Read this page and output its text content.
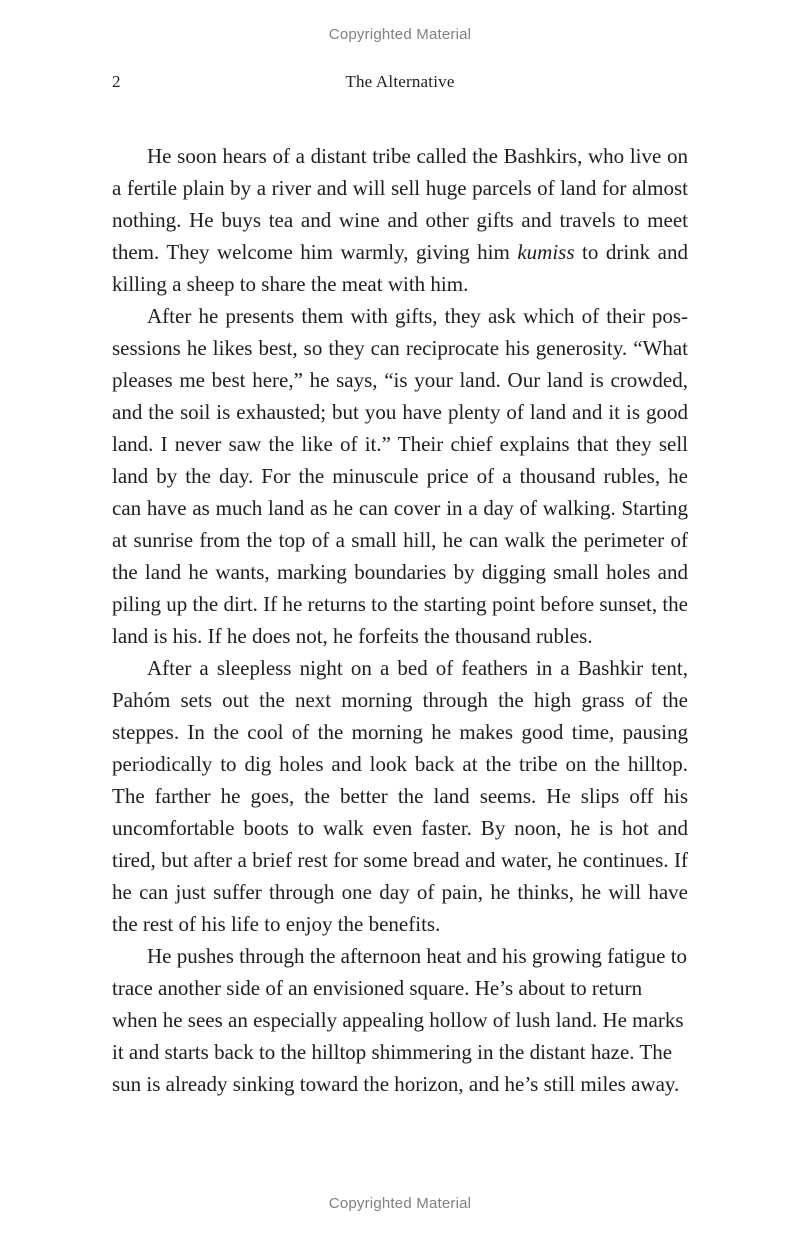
Copyrighted Material
2	The Alternative

He soon hears of a distant tribe called the Bashkirs, who live on a fertile plain by a river and will sell huge parcels of land for almost nothing. He buys tea and wine and other gifts and travels to meet them. They welcome him warmly, giving him kumiss to drink and killing a sheep to share the meat with him.

After he presents them with gifts, they ask which of their possessions he likes best, so they can reciprocate his generosity. “What pleases me best here,” he says, “is your land. Our land is crowded, and the soil is exhausted; but you have plenty of land and it is good land. I never saw the like of it.” Their chief explains that they sell land by the day. For the minuscule price of a thousand rubles, he can have as much land as he can cover in a day of walking. Starting at sunrise from the top of a small hill, he can walk the perimeter of the land he wants, marking boundaries by digging small holes and piling up the dirt. If he returns to the starting point before sunset, the land is his. If he does not, he forfeits the thousand rubles.

After a sleepless night on a bed of feathers in a Bashkir tent, Pahóm sets out the next morning through the high grass of the steppes. In the cool of the morning he makes good time, pausing periodically to dig holes and look back at the tribe on the hilltop. The farther he goes, the better the land seems. He slips off his uncomfortable boots to walk even faster. By noon, he is hot and tired, but after a brief rest for some bread and water, he continues. If he can just suffer through one day of pain, he thinks, he will have the rest of his life to enjoy the benefits.

He pushes through the afternoon heat and his growing fatigue to trace another side of an envisioned square. He’s about to return when he sees an especially appealing hollow of lush land. He marks it and starts back to the hilltop shimmering in the distant haze. The sun is already sinking toward the horizon, and he’s still miles away.

Copyrighted Material
